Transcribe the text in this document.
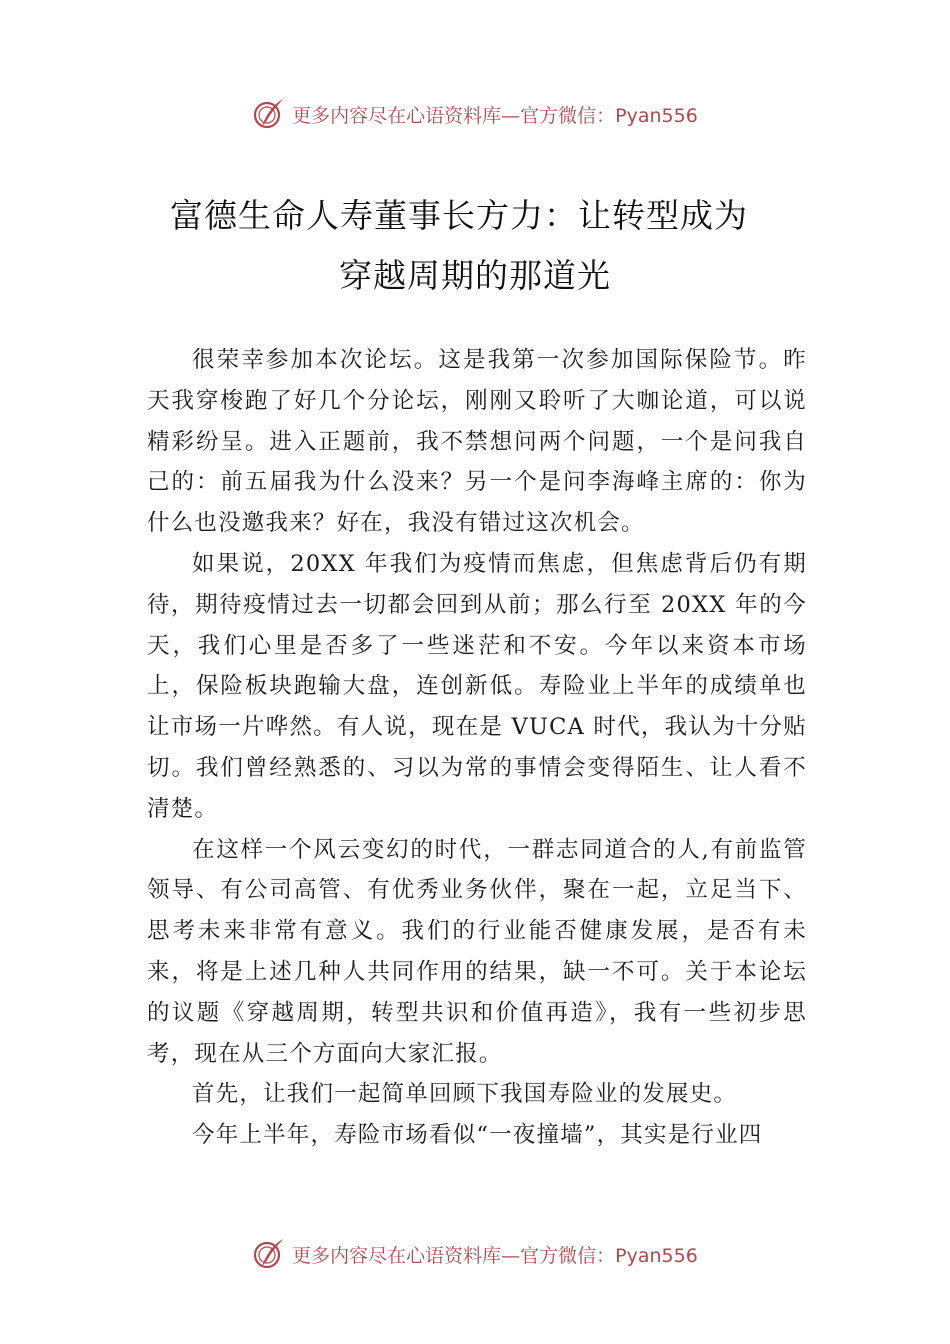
更多内容尽在心语资料库—官方微信：Pyan556
富德生命人寿董事长方力：让转型成为
穿越周期的那道光

很荣幸参加本次论坛。这是我第一次参加国际保险节。昨天我穿梭跑了好几个分论坛，刚刚又聆听了大咖论道，可以说精彩纷呈。进入正题前，我不禁想问两个问题，一个是问我自己的：前五届我为什么没来？另一个是问李海峰主席的：你为什么也没邀我来？好在，我没有错过这次机会。

如果说，20XX 年我们为疫情而焦虑，但焦虑背后仍有期待，期待疫情过去一切都会回到从前；那么行至 20XX 年的今天，我们心里是否多了一些迷茫和不安。今年以来资本市场上，保险板块跑输大盘，连创新低。寿险业上半年的成绩单也让市场一片哗然。有人说，现在是 VUCA 时代，我认为十分贴切。我们曾经熟悉的、习以为常的事情会变得陌生、让人看不清楚。

在这样一个风云变幻的时代，一群志同道合的人,有前监管领导、有公司高管、有优秀业务伙伴，聚在一起，立足当下、思考未来非常有意义。我们的行业能否健康发展，是否有未来，将是上述几种人共同作用的结果，缺一不可。关于本论坛的议题《穿越周期，转型共识和价值再造》，我有一些初步思考，现在从三个方面向大家汇报。

首先，让我们一起简单回顾下我国寿险业的发展史。

今年上半年，寿险市场看似“一夜撞墙”，其实是行业四

更多内容尽在心语资料库—官方微信：Pyan556
